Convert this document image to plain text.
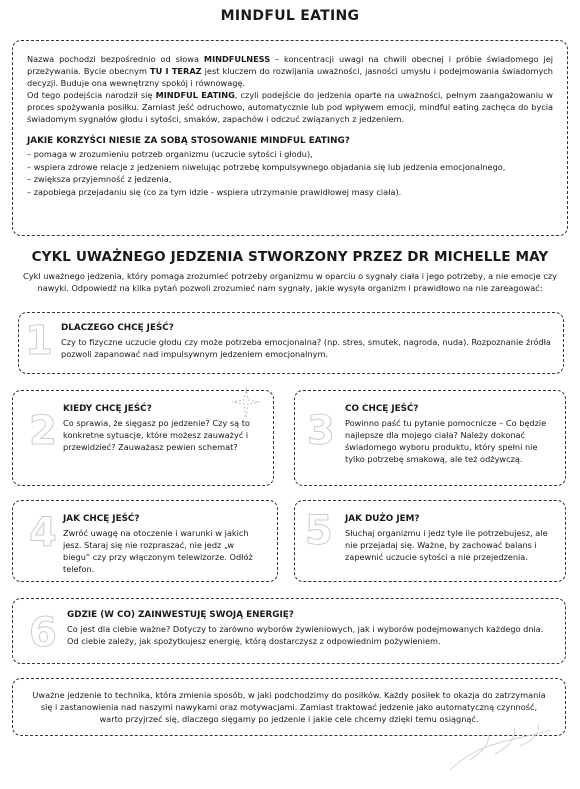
MINDFUL EATING

Nazwa pochodzi bezpośrednio od słowa MINDFULNESS – koncentracji uwagi na chwili obecnej i próbie świadomego jej przeżywania. Bycie obecnym TU I TERAZ jest kluczem do rozwijania uważności, jasności umysłu i podejmowania świadomych decyzji. Buduje ona wewnętrzny spokój i równowagę.

Od tego podejścia narodził się MINDFUL EATING, czyli podejście do jedzenia oparte na uważności, pełnym zaangażowaniu w proces spożywania posiłku. Zamiast jeść odruchowo, automatycznie lub pod wpływem emocji, mindful eating zachęca do bycia świadomym sygnałów głodu i sytości, smaków, zapachów i odczuć związanych z jedzeniem.

JAKIE KORZYŚCI NIESIE ZA SOBĄ STOSOWANIE MINDFUL EATING?
– pomaga w zrozumieniu potrzeb organizmu (uczucie sytości i głodu),
– wspiera zdrowe relacje z jedzeniem niwelując potrzebę kompulsywnego objadania się lub jedzenia emocjonalnego,
– zwiększa przyjemność z jedzenia,
– zapobiega przejadaniu się (co za tym idzie - wspiera utrzymanie prawidłowej masy ciała).
CYKL UWAŻNEGO JEDZENIA STWORZONY PRZEZ DR MICHELLE MAY
Cykl uważnego jedzenia, który pomaga zrozumieć potrzeby organizmu w oparciu o sygnały ciała i jego potrzeby, a nie emocje czy nawyki. Odpowiedź na kilka pytań pozwoli zrozumieć nam sygnały, jakie wysyła organizm i prawidłowo na nie zareagować:
1 DLACZEGO CHCĘ JEŚĆ?

Czy to fizyczne uczucie głodu czy może potrzeba emocjonalna? (np. stres, smutek, nagroda, nuda). Rozpoznanie źródła pozwoli zapanować nad impulsywnym jedzeniem emocjonalnym.

2 KIEDY CHCĘ JEŚĆ?

Co sprawia, że sięgasz po jedzenie? Czy są to konkretne sytuacje, które możesz zauważyć i przewidzieć? Zauważasz pewien schemat?	3 CO CHCĘ JEŚĆ?

Powinno paść tu pytanie pomocnicze – Co będzie najlepsze dla mojego ciała? Należy dokonać świadomego wyboru produktu, który spełni nie tylko potrzebę smakową, ale też odżywczą.

4 JAK CHCĘ JEŚĆ?

Zwróć uwagę na otoczenie i warunki w jakich jesz. Staraj się nie rozpraszać, nie jedz „w biegu” czy przy włączonym telewizorze. Odłóż telefon.

5 JAK DUŻO JEM?

Słuchaj organizmu i jedz tyle ile potrzebujesz, ale nie przejadaj się. Ważne, by zachować balans i zapewnić uczucie sytości a nie przejedzenia.

6 GDZIE (W CO) ZAINWESTUJĘ SWOJĄ ENERGIĘ?

Co jest dla ciebie ważne? Dotyczy to zarówno wyborów żywieniowych, jak i wyborów podejmowanych każdego dnia. Od ciebie zależy, jak spożytkujesz energię, którą dostarczysz z odpowiednim pożywieniem.

Uważne jedzenie to technika, która zmienia sposób, w jaki podchodzimy do posiłków. Każdy posiłek to okazja do zatrzymania się i zastanowienia nad naszymi nawykami oraz motywacjami. Zamiast traktować jedzenie jako automatyczną czynność, warto przyjrzeć się, dlaczego sięgamy po jedzenie i jakie cele chcemy dzięki temu osiągnąć.
